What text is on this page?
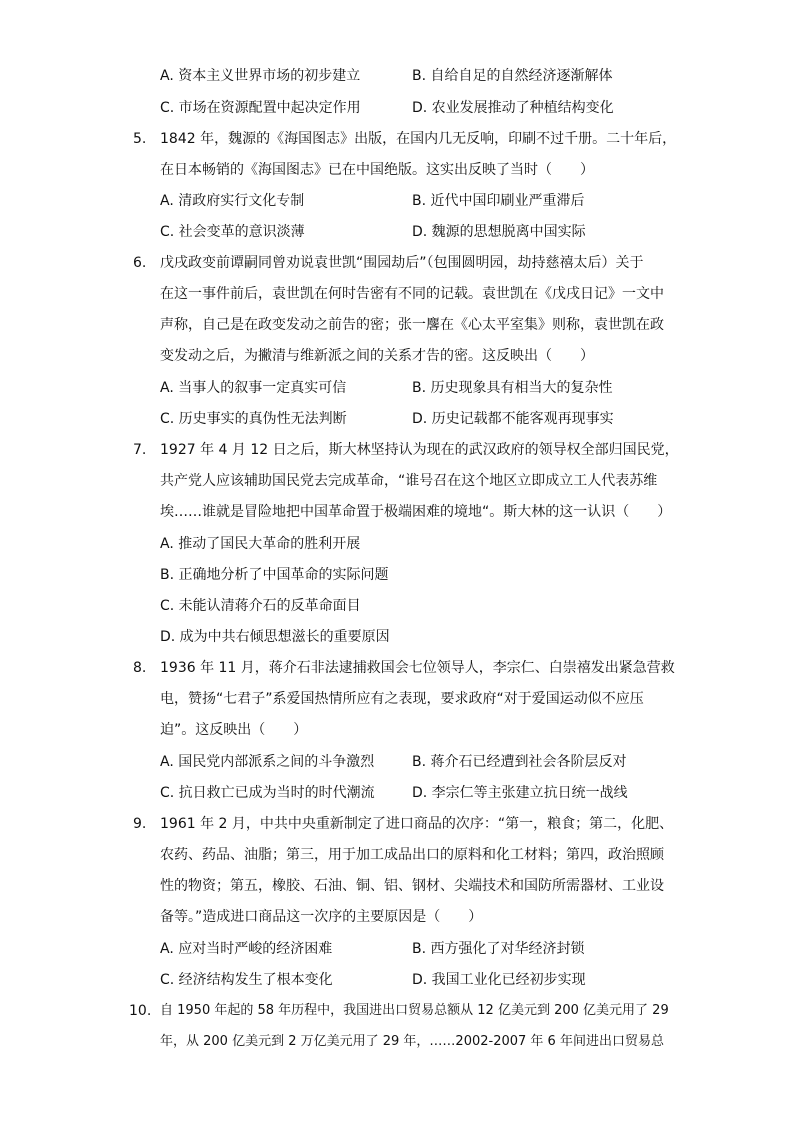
A. 资本主义世界市场的初步建立	B. 自给自足的自然经济逐渐解体
C. 市场在资源配置中起决定作用	D. 农业发展推动了种植结构变化
5. 1842 年，魏源的《海国图志》出版，在国内几无反响，印刷不过千册。二十年后，
在日本畅销的《海国图志》已在中国绝版。这实出反映了当时（　　）
A. 清政府实行文化专制	B. 近代中国印刷业严重滞后
C. 社会变革的意识淡薄	D. 魏源的思想脱离中国实际
6. 戊戌政变前谭嗣同曾劝说袁世凯“围园劫后”（包围圆明园，劫持慈禧太后）关于
在这一事件前后，袁世凯在何时告密有不同的记载。袁世凯在《戊戌日记》一文中
声称，自己是在政变发动之前告的密；张一麐在《心太平室集》则称，袁世凯在政
变发动之后，为撇清与维新派之间的关系才告的密。这反映出（　　）
A. 当事人的叙事一定真实可信	B. 历史现象具有相当大的复杂性
C. 历史事实的真伪性无法判断	D. 历史记载都不能客观再现事实
7. 1927 年 4 月 12 日之后，斯大林坚持认为现在的武汉政府的领导权全部归国民党，
共产党人应该辅助国民党去完成革命，“谁号召在这个地区立即成立工人代表苏维
埃……谁就是冒险地把中国革命置于极端困难的境地“。斯大林的这一认识（　　）
A. 推动了国民大革命的胜利开展
B. 正确地分析了中国革命的实际问题
C. 未能认清蒋介石的反革命面目
D. 成为中共右倾思想滋长的重要原因
8. 1936 年 11 月，蒋介石非法逮捕救国会七位领导人，李宗仁、白崇禧发出紧急营救
电，赞扬“七君子”系爱国热情所应有之表现，要求政府“对于爱国运动似不应压
迫”。这反映出（　　）
A. 国民党内部派系之间的斗争激烈	B. 蒋介石已经遭到社会各阶层反对
C. 抗日救亡已成为当时的时代潮流	D. 李宗仁等主张建立抗日统一战线
9. 1961 年 2 月，中共中央重新制定了进口商品的次序：“第一，粮食；第二，化肥、
农药、药品、油脂；第三，用于加工成品出口的原料和化工材料；第四，政治照顾
性的物资；第五，橡胶、石油、铜、铝、钢材、尖端技术和国防所需器材、工业设
备等。”造成进口商品这一次序的主要原因是（　　）
A. 应对当时严峻的经济困难	B. 西方强化了对华经济封锁
C. 经济结构发生了根本变化	D. 我国工业化已经初步实现
10. 自 1950 年起的 58 年历程中，我国进出口贸易总额从 12 亿美元到 200 亿美元用了 29
年，从 200 亿美元到 2 万亿美元用了 29 年，……2002-2007 年 6 年间进出口贸易总
